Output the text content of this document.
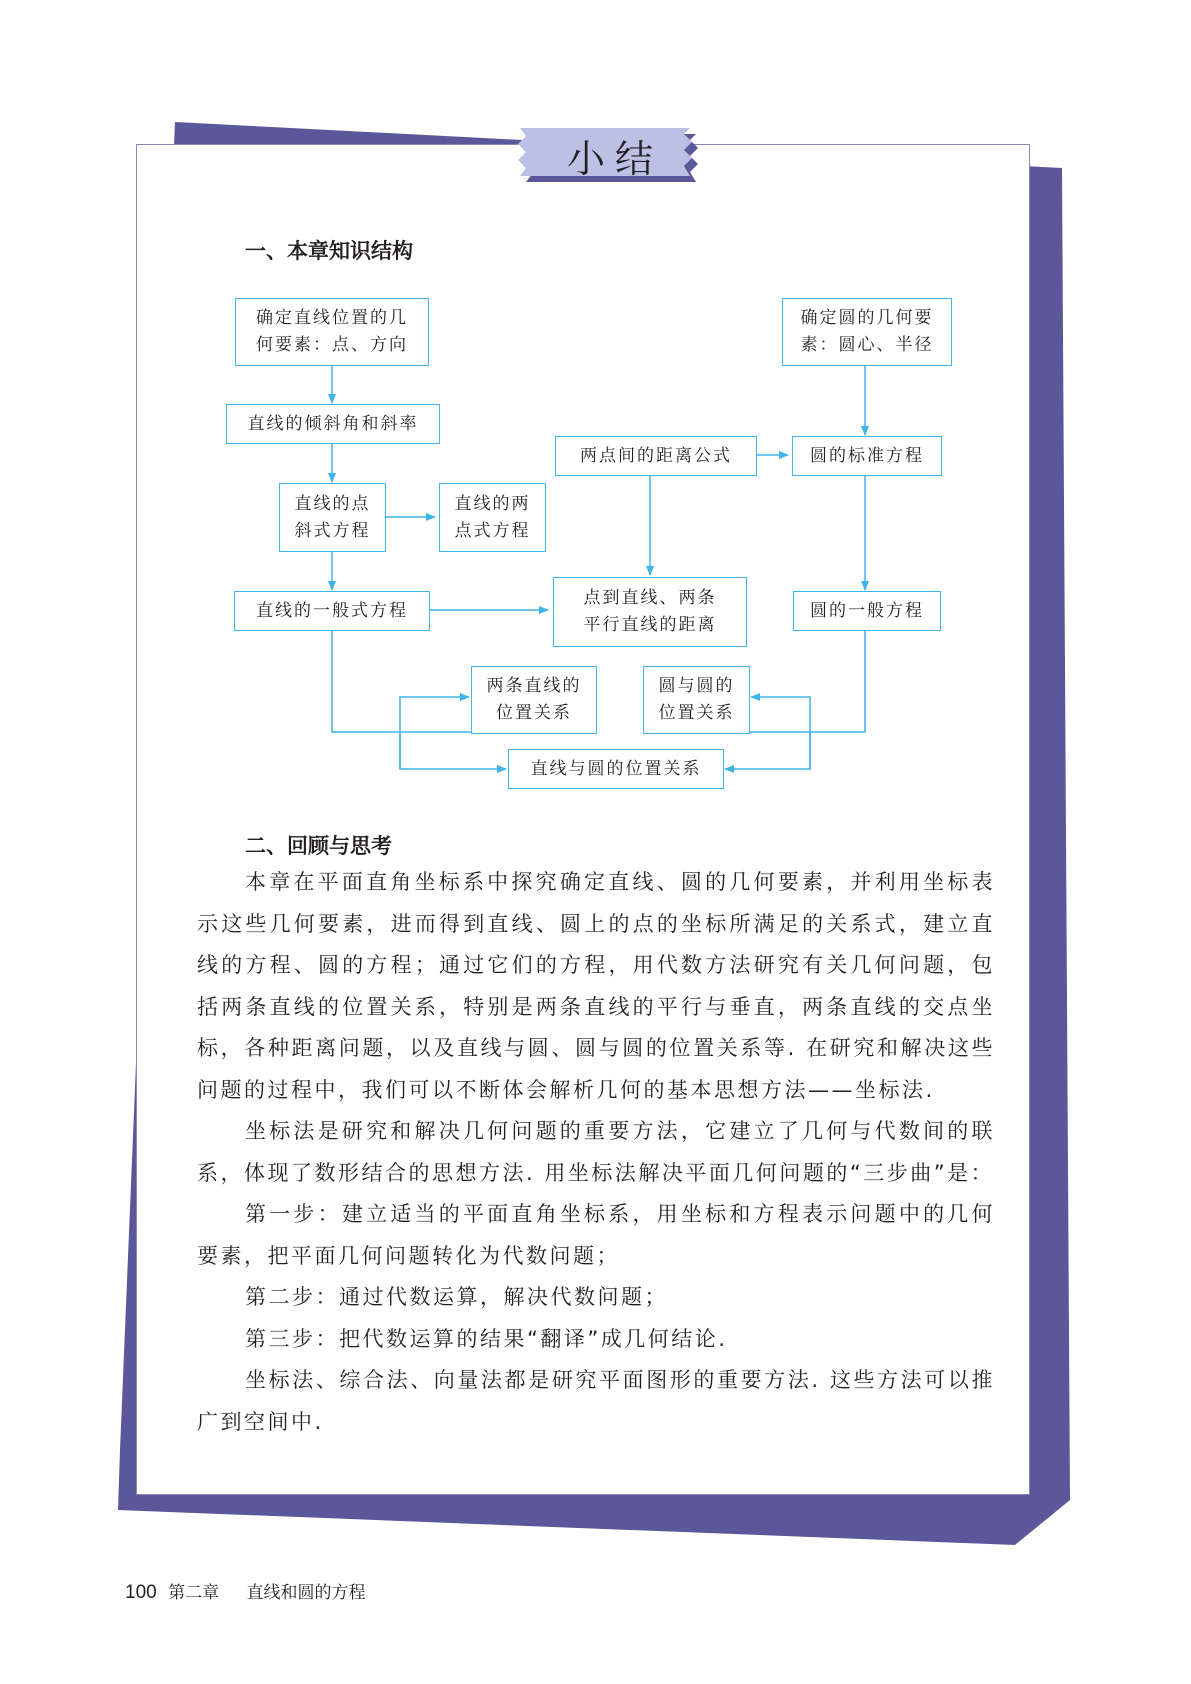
小结
一、本章知识结构
确定直线位置的几
何要素：点、方向
直线的倾斜角和斜率
直线的点
斜式方程
直线的两
点式方程
直线的一般式方程
两点间的距离公式
确定圆的几何要
素：圆心、半径
圆的标准方程
点到直线、两条
平行直线的距离
圆的一般方程
两条直线的
位置关系
圆与圆的
位置关系
直线与圆的位置关系
二、回顾与思考

本章在平面直角坐标系中探究确定直线、圆的几何要素，并利用坐标表示这些几何要素，进而得到直线、圆上的点的坐标所满足的关系式，建立直线的方程、圆的方程；通过它们的方程，用代数方法研究有关几何问题，包括两条直线的位置关系，特别是两条直线的平行与垂直，两条直线的交点坐标，各种距离问题，以及直线与圆、圆与圆的位置关系等. 在研究和解决这些问题的过程中，我们可以不断体会解析几何的基本思想方法——坐标法.

坐标法是研究和解决几何问题的重要方法，它建立了几何与代数间的联系，体现了数形结合的思想方法. 用坐标法解决平面几何问题的“三步曲”是：

第一步：建立适当的平面直角坐标系，用坐标和方程表示问题中的几何要素，把平面几何问题转化为代数问题；

第二步：通过代数运算，解决代数问题；

第三步：把代数运算的结果“翻译”成几何结论.

坐标法、综合法、向量法都是研究平面图形的重要方法. 这些方法可以推广到空间中.

100 第二章 直线和圆的方程
